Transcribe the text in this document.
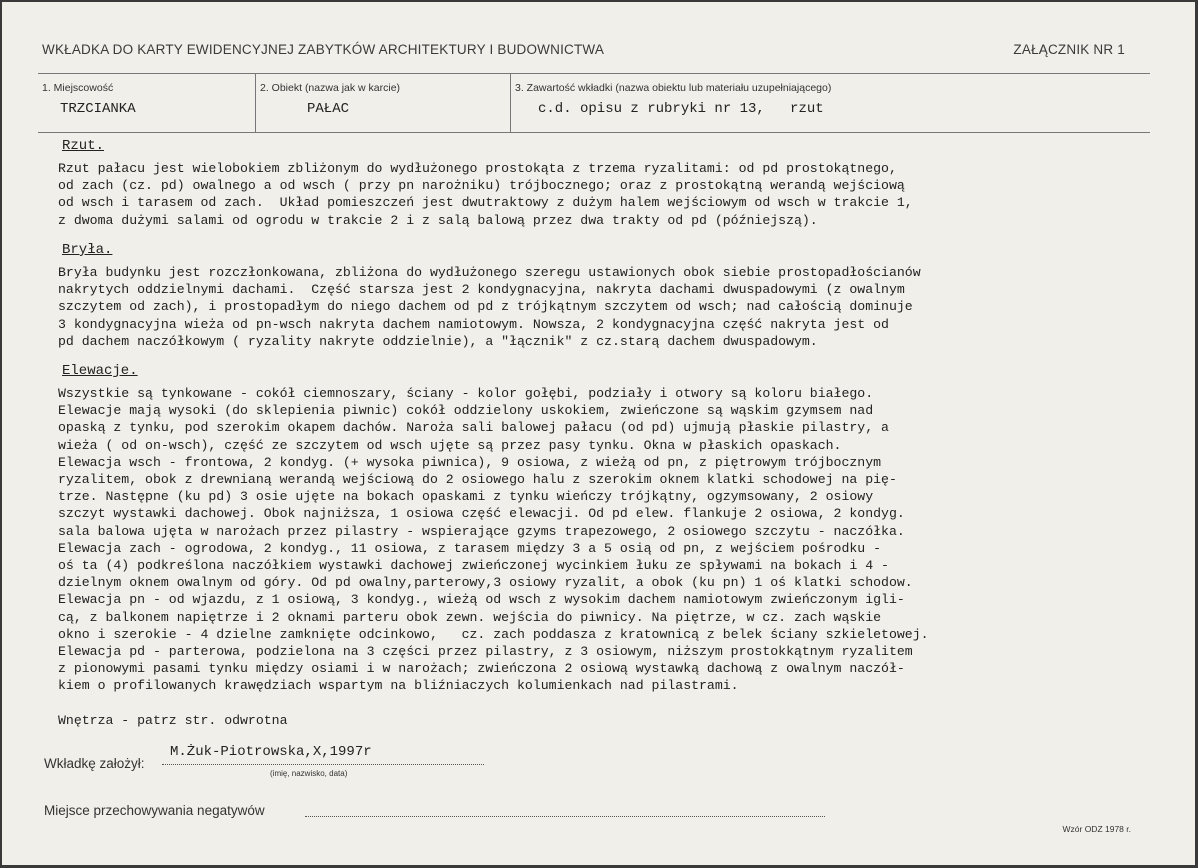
WKŁADKA DO KARTY EWIDENCYJNEJ ZABYTKÓW ARCHITEKTURY I BUDOWNICTWA	ZAŁĄCZNIK NR 1
1. Miejscowość
TRZCIANKA
2. Obiekt (nazwa jak w karcie)
PAŁAC
3. Zawartość wkładki (nazwa obiektu lub materiału uzupełniającego)
c.d. opisu z rubryki nr 13,   rzut
Rzut.
Rzut pałacu jest wielobokiem zbliżonym do wydłużonego prostokąta z trzema ryzalitami: od pd prostokątnego,
od zach (cz. pd) owalnego a od wsch ( przy pn narożniku) trójbocznego; oraz z prostokątną werandą wejściową
od wsch i tarasem od zach.  Układ pomieszczeń jest dwutraktowy z dużym halem wejściowym od wsch w trakcie 1,
z dwoma dużymi salami od ogrodu w trakcie 2 i z salą balową przez dwa trakty od pd (późniejszą).
Bryła.
Bryła budynku jest rozczłonkowana, zbliżona do wydłużonego szeregu ustawionych obok siebie prostopadłościanów
nakrytych oddzielnymi dachami.  Część starsza jest 2 kondygnacyjna, nakryta dachami dwuspadowymi (z owalnym
szczytem od zach), i prostopadłym do niego dachem od pd z trójkątnym szczytem od wsch; nad całością dominuje
3 kondygnacyjna wieża od pn-wsch nakryta dachem namiotowym. Nowsza, 2 kondygnacyjna część nakryta jest od
pd dachem naczółkowym ( ryzality nakryte oddzielnie), a "łącznik" z cz.starą dachem dwuspadowym.
Elewacje.
Wszystkie są tynkowane - cokół ciemnoszary, ściany - kolor gołębi, podziały i otwory są koloru białego.
Elewacje mają wysoki (do sklepienia piwnic) cokół oddzielony uskokiem, zwieńczone są wąskim gzymsem nad
opaską z tynku, pod szerokim okapem dachów. Naroża sali balowej pałacu (od pd) ujmują płaskie pilastry, a
wieża ( od on-wsch), część ze szczytem od wsch ujęte są przez pasy tynku. Okna w płaskich opaskach.
Elewacja wsch - frontowa, 2 kondyg. (+ wysoka piwnica), 9 osiowa, z wieżą od pn, z piętrowym trójbocznym
ryzalitem, obok z drewnianą werandą wejściową do 2 osiowego halu z szerokim oknem klatki schodowej na pię-
trze. Następne (ku pd) 3 osie ujęte na bokach opaskami z tynku wieńczy trójkątny, ogzymsowany, 2 osiowy
szczyt wystawki dachowej. Obok najniższa, 1 osiowa część elewacji. Od pd elew. flankuje 2 osiowa, 2 kondyg.
sala balowa ujęta w narożach przez pilastry - wspierające gzyms trapezowego, 2 osiowego szczytu - naczółka.
Elewacja zach - ogrodowa, 2 kondyg., 11 osiowa, z tarasem między 3 a 5 osią od pn, z wejściem pośrodku -
oś ta (4) podkreślona naczółkiem wystawki dachowej zwieńczonej wycinkiem łuku ze spływami na bokach i 4 -
dzielnym oknem owalnym od góry. Od pd owalny,parterowy,3 osiowy ryzalit, a obok (ku pn) 1 oś klatki schodow.
Elewacja pn - od wjazdu, z 1 osiową, 3 kondyg., wieżą od wsch z wysokim dachem namiotowym zwieńczonym igli-
cą, z balkonem napiętrze i 2 oknami parteru obok zewn. wejścia do piwnicy. Na piętrze, w cz. zach wąskie
okno i szerokie - 4 dzielne zamknięte odcinkowo,   cz. zach poddasza z kratownicą z belek ściany szkieletowej.
Elewacja pd - parterowa, podzielona na 3 części przez pilastry, z 3 osiowym, niższym prostokkątnym ryzalitem
z pionowymi pasami tynku między osiami i w narożach; zwieńczona 2 osiową wystawką dachową z owalnym naczół-
kiem o profilowanych krawędziach wspartym na bliźniaczych kolumienkach nad pilastrami.

Wnętrza - patrz str. odwrotna
Wkładkę założył:
M.Żuk-Piotrowska,X,1997r
(imię, nazwisko, data)
Miejsce przechowywania negatywów
Wzór ODZ 1978 r.
